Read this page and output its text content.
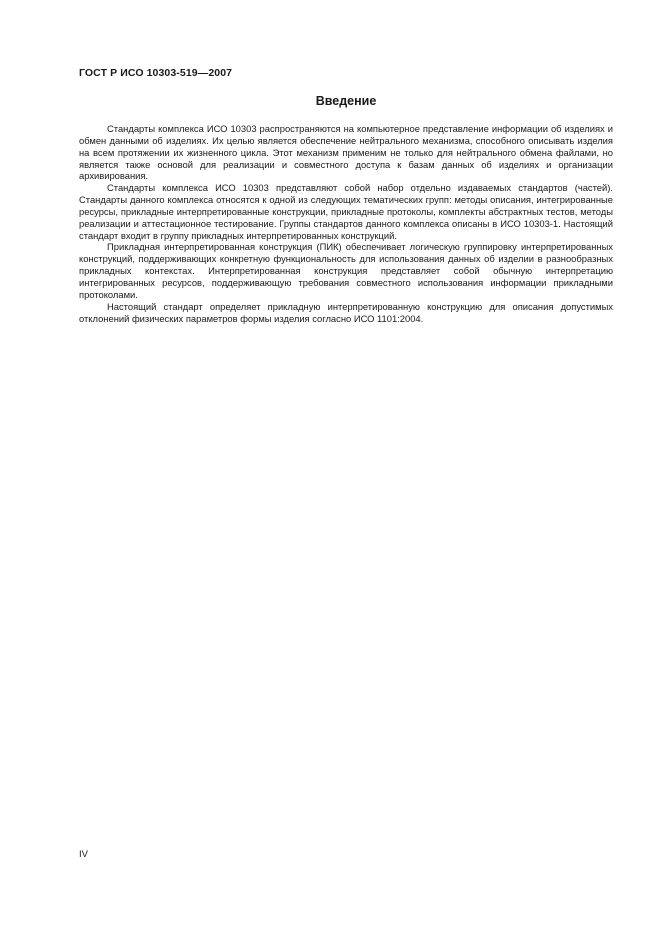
ГОСТ Р ИСО 10303-519—2007
Введение

Стандарты комплекса ИСО 10303 распространяются на компьютерное представление информации об изделиях и обмен данными об изделиях. Их целью является обеспечение нейтрального механизма, способного описывать изделия на всем протяжении их жизненного цикла. Этот механизм применим не только для нейтрального обмена файлами, но является также основой для реализации и совместного доступа к базам данных об изделиях и организации архивирования.

Стандарты комплекса ИСО 10303 представляют собой набор отдельно издаваемых стандартов (частей). Стандарты данного комплекса относятся к одной из следующих тематических групп: методы описания, интегрированные ресурсы, прикладные интерпретированные конструкции, прикладные протоколы, комплекты абстрактных тестов, методы реализации и аттестационное тестирование. Группы стандартов данного комплекса описаны в ИСО 10303-1. Настоящий стандарт входит в группу прикладных интерпретированных конструкций.

Прикладная интерпретированная конструкция (ПИК) обеспечивает логическую группировку интерпретированных конструкций, поддерживающих конкретную функциональность для использования данных об изделии в разнообразных прикладных контекстах. Интерпретированная конструкция представляет собой обычную интерпретацию интегрированных ресурсов, поддерживающую требования совместного использования информации прикладными протоколами.

Настоящий стандарт определяет прикладную интерпретированную конструкцию для описания допустимых отклонений физических параметров формы изделия согласно ИСО 1101:2004.

IV
